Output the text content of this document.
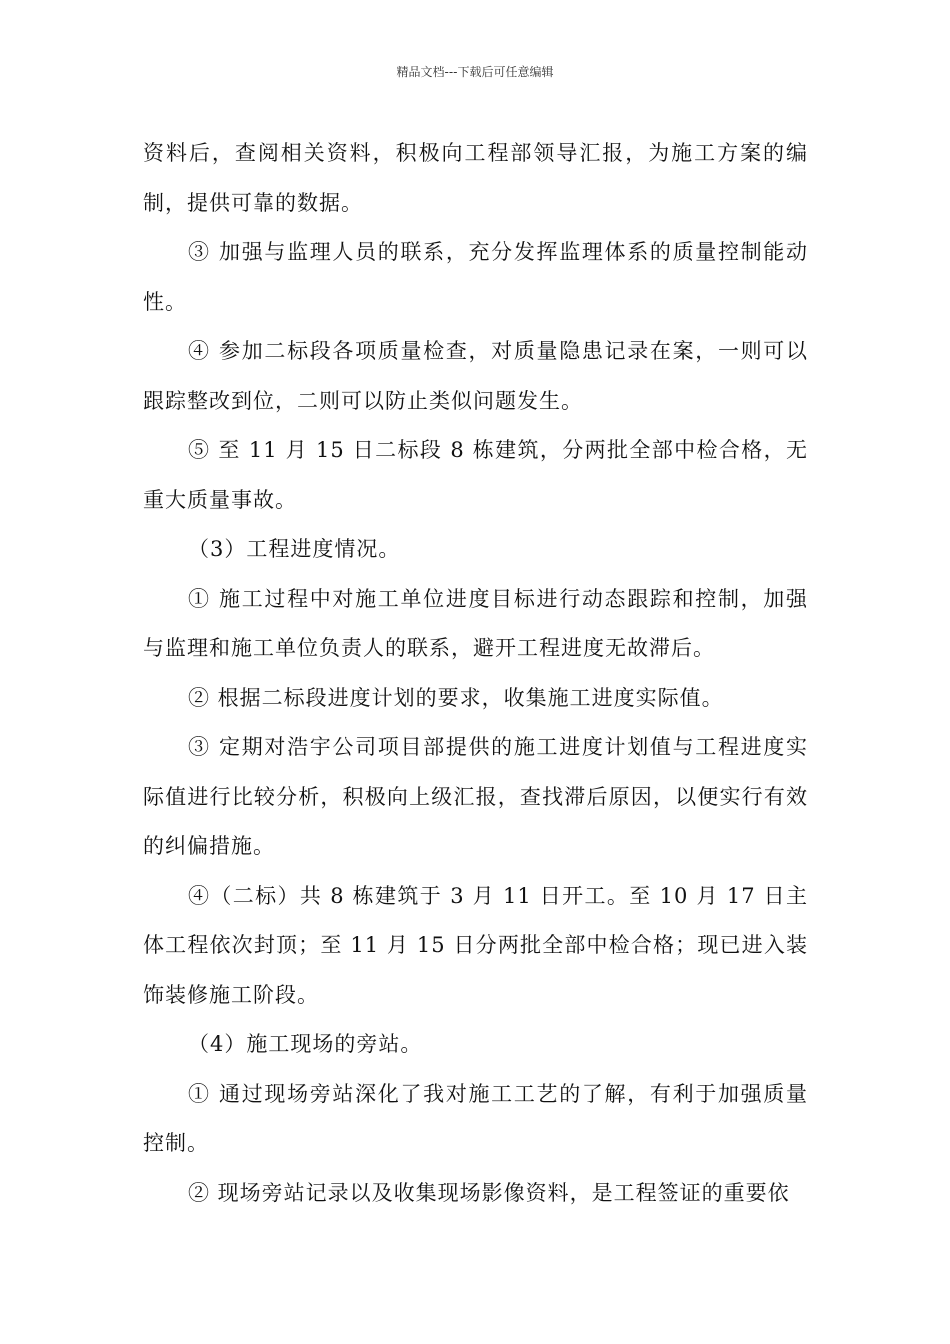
精品文档---下载后可任意编辑

资料后，查阅相关资料，积极向工程部领导汇报，为施工方案的编制，提供可靠的数据。

③ 加强与监理人员的联系，充分发挥监理体系的质量控制能动性。

④ 参加二标段各项质量检查，对质量隐患记录在案，一则可以跟踪整改到位，二则可以防止类似问题发生。

⑤ 至 11 月 15 日二标段 8 栋建筑，分两批全部中检合格，无重大质量事故。

（3）工程进度情况。

① 施工过程中对施工单位进度目标进行动态跟踪和控制，加强与监理和施工单位负责人的联系，避开工程进度无故滞后。

② 根据二标段进度计划的要求，收集施工进度实际值。

③ 定期对浩宇公司项目部提供的施工进度计划值与工程进度实际值进行比较分析，积极向上级汇报，查找滞后原因，以便实行有效的纠偏措施。

④（二标）共 8 栋建筑于 3 月 11 日开工。至 10 月 17 日主体工程依次封顶；至 11 月 15 日分两批全部中检合格；现已进入装饰装修施工阶段。

（4）施工现场的旁站。

① 通过现场旁站深化了我对施工工艺的了解，有利于加强质量控制。

② 现场旁站记录以及收集现场影像资料，是工程签证的重要依
